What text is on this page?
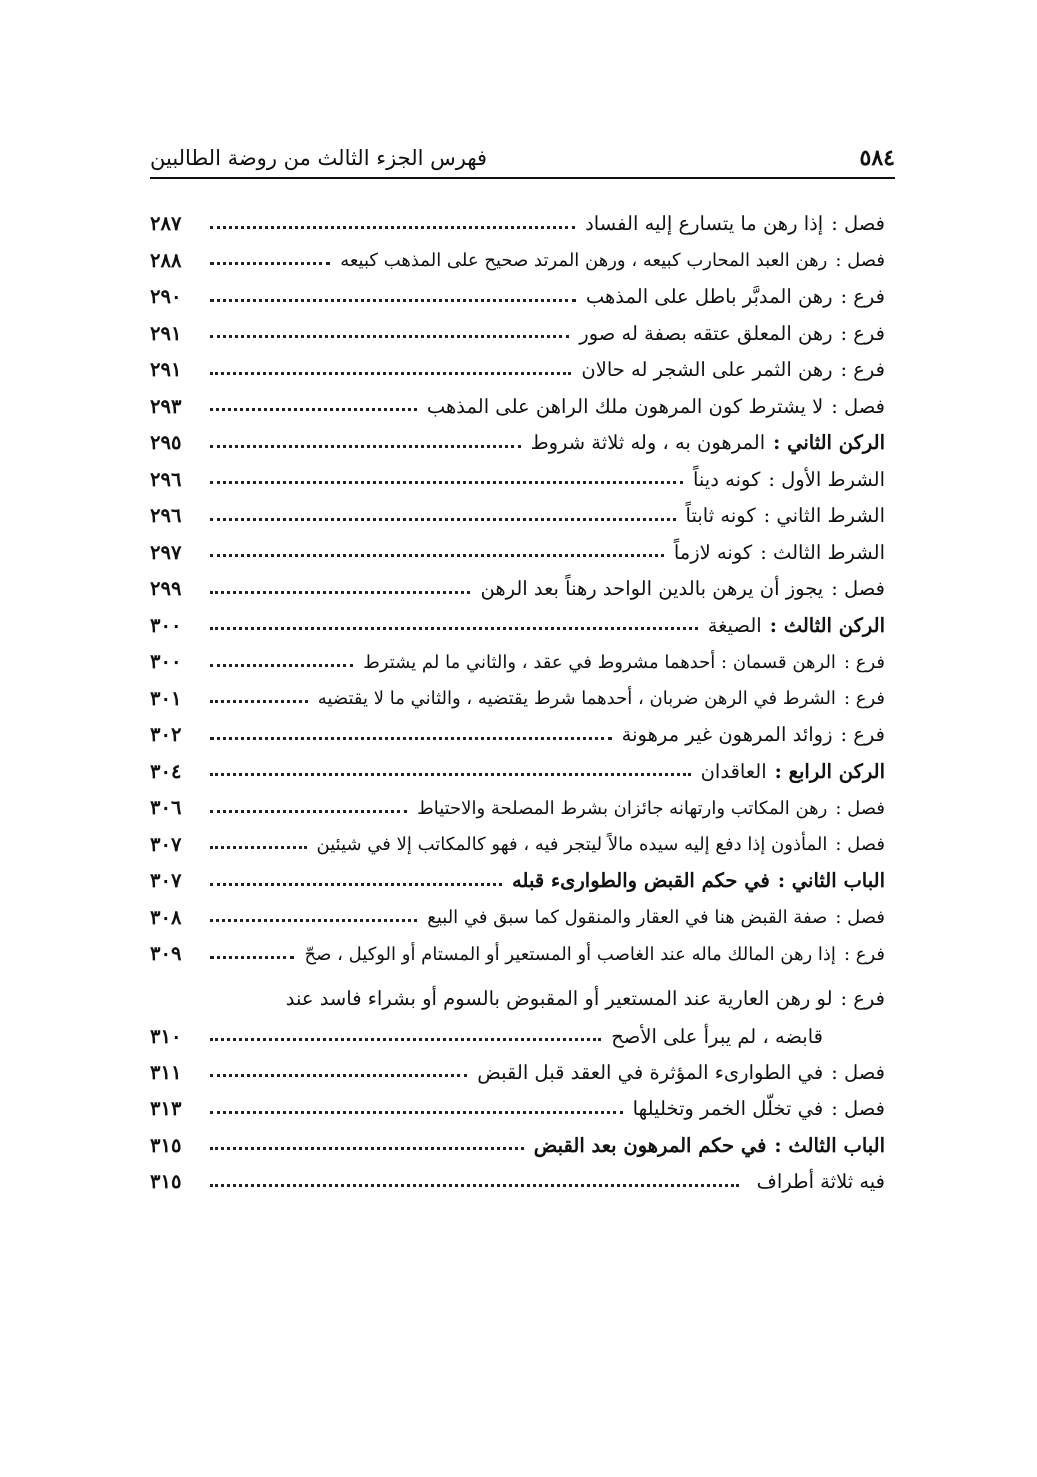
٥٨٤
فهرس الجزء الثالث من روضة الطالبين
فصل :
إذا رهن ما يتسارع إليه الفساد
٢٨٧
فصل :
رهن العبد المحارب كبيعه ، ورهن المرتد صحيح على المذهب كبيعه
٢٨٨
فرع :
رهن المدبَّر باطل على المذهب
٢٩٠
فرع :
رهن المعلق عتقه بصفة له صور
٢٩١
فرع :
رهن الثمر على الشجر له حالان
٢٩١
فصل :
لا يشترط كون المرهون ملك الراهن على المذهب
٢٩٣
الركن الثاني :
المرهون به ، وله ثلاثة شروط
٢٩٥
الشرط الأول :
كونه ديناً
٢٩٦
الشرط الثاني :
كونه ثابتاً
٢٩٦
الشرط الثالث :
كونه لازماً
٢٩٧
فصل :
يجوز أن يرهن بالدين الواحد رهناً بعد الرهن
٢٩٩
الركن الثالث :
الصيغة
٣٠٠
فرع :
الرهن قسمان : أحدهما مشروط في عقد ، والثاني ما لم يشترط
٣٠٠
فرع :
الشرط في الرهن ضربان ، أحدهما شرط يقتضيه ، والثاني ما لا يقتضيه
٣٠١
فرع :
زوائد المرهون غير مرهونة
٣٠٢
الركن الرابع :
العاقدان
٣٠٤
فصل :
رهن المكاتب وارتهانه جائزان بشرط المصلحة والاحتياط
٣٠٦
فصل :
المأذون إذا دفع إليه سيده مالاً ليتجر فيه ، فهو كالمكاتب إلا في شيئين
٣٠٧
الباب الثاني :
في حكم القبض والطوارىء قبله
٣٠٧
فصل :
صفة القبض هنا في العقار والمنقول كما سبق في البيع
٣٠٨
فرع :
إذا رهن المالك ماله عند الغاصب أو المستعير أو المستام أو الوكيل ، صحّ
٣٠٩
فرع :
لو رهن العارية عند المستعير أو المقبوض بالسوم أو بشراء فاسد عند
قابضه ، لم يبرأ على الأصح
٣١٠
فصل :
في الطوارىء المؤثرة في العقد قبل القبض
٣١١
فصل :
في تخلّل الخمر وتخليلها
٣١٣
الباب الثالث :
في حكم المرهون بعد القبض
٣١٥
فيه ثلاثة أطراف
٣١٥
